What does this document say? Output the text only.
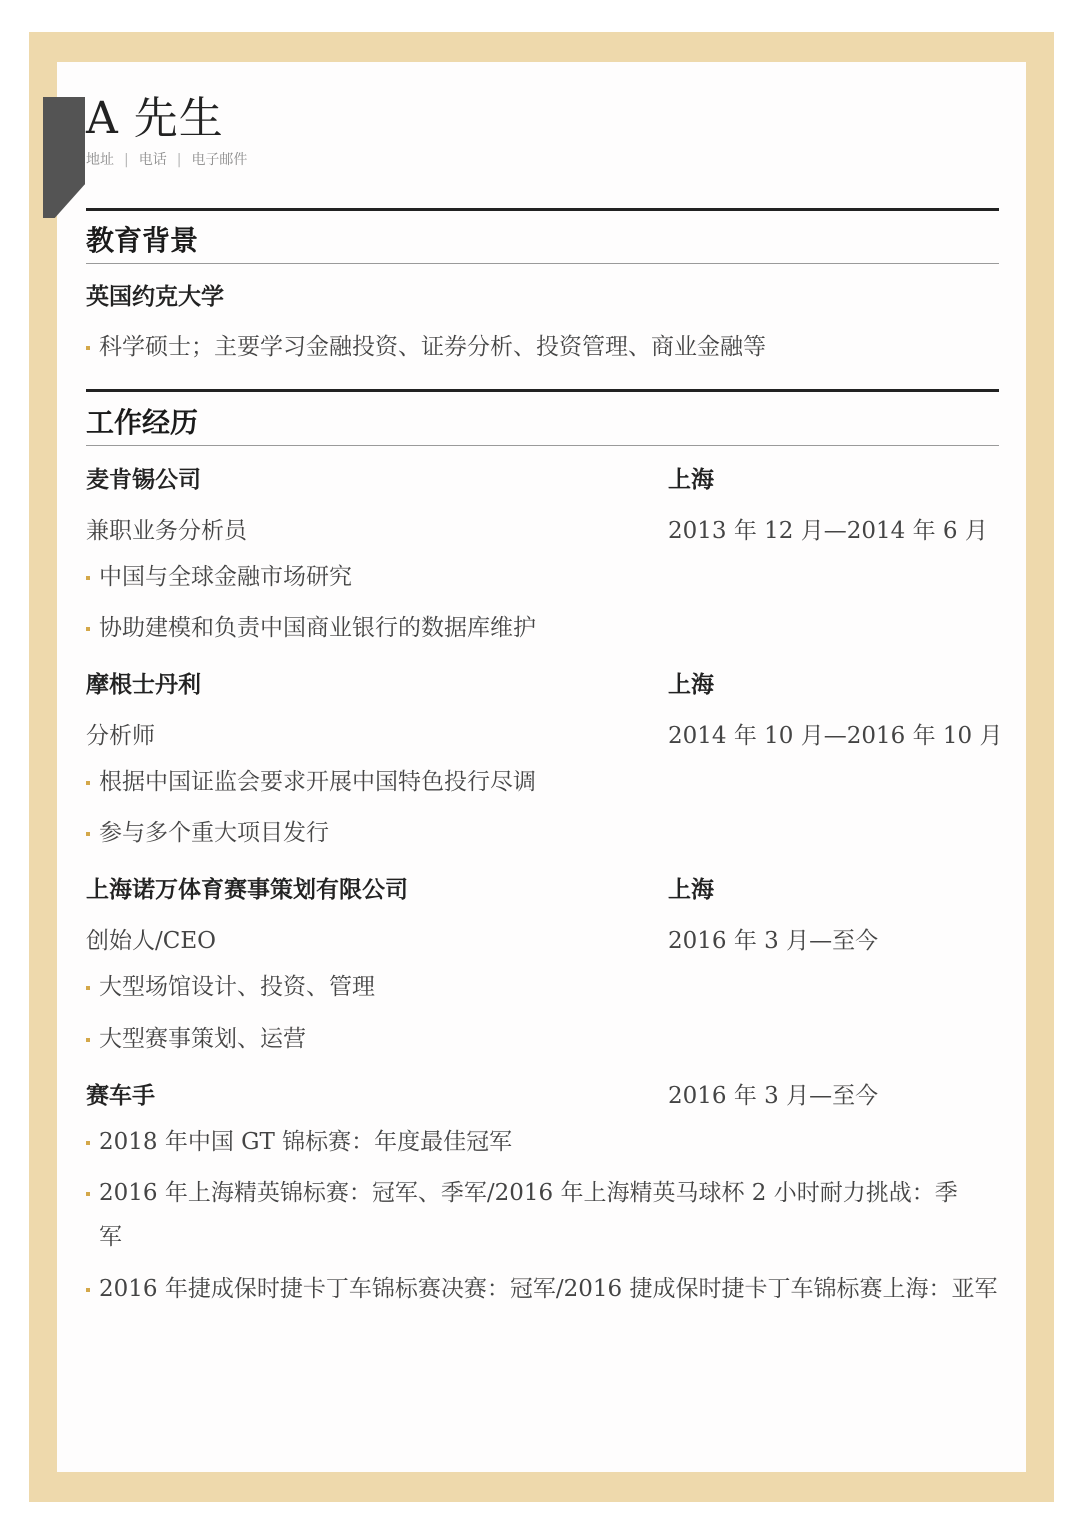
A 先生
地址 | 电话 | 电子邮件
教育背景
英国约克大学
科学硕士；主要学习金融投资、证券分析、投资管理、商业金融等
工作经历
麦肯锡公司	上海
兼职业务分析员	2013 年 12 月—2014 年 6 月
中国与全球金融市场研究
协助建模和负责中国商业银行的数据库维护
摩根士丹利	上海
分析师	2014 年 10 月—2016 年 10 月
根据中国证监会要求开展中国特色投行尽调
参与多个重大项目发行
上海诺万体育赛事策划有限公司	上海
创始人/CEO	2016 年 3 月—至今
大型场馆设计、投资、管理
大型赛事策划、运营
赛车手	2016 年 3 月—至今
2018 年中国 GT 锦标赛：年度最佳冠军
2016 年上海精英锦标赛：冠军、季军/2016 年上海精英马球杯 2 小时耐力挑战：季军
2016 年捷成保时捷卡丁车锦标赛决赛：冠军/2016 捷成保时捷卡丁车锦标赛上海：亚军
